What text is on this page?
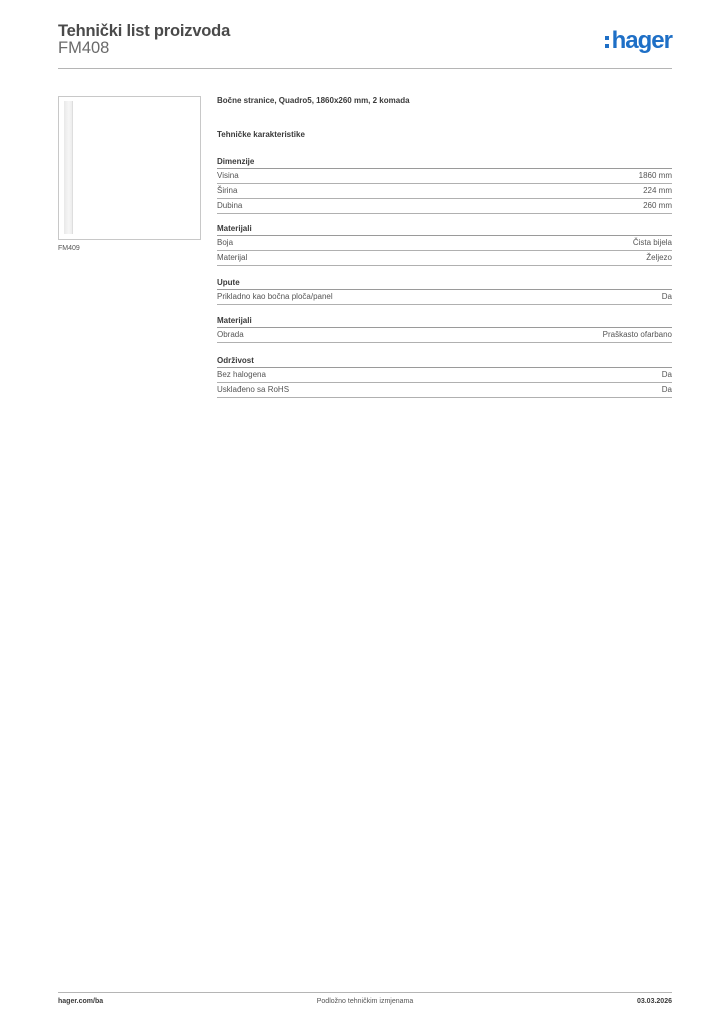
Tehnički list proizvoda
FM408	hager
FM409
Bočne stranice, Quadro5, 1860x260 mm, 2 komada
Tehničke karakteristike
Dimenzije
Visina	1860 mm
Širina	224 mm
Dubina	260 mm
Materijali
Boja	Čista bijela
Materijal	Željezo
Upute
Prikladno kao bočna ploča/panel	Da
Materijali
Obrada	Praškasto ofarbano
Održivost
Bez halogena	Da
Usklađeno sa RoHS	Da
hager.com/ba	Podložno tehničkim izmjenama	03.03.2026
